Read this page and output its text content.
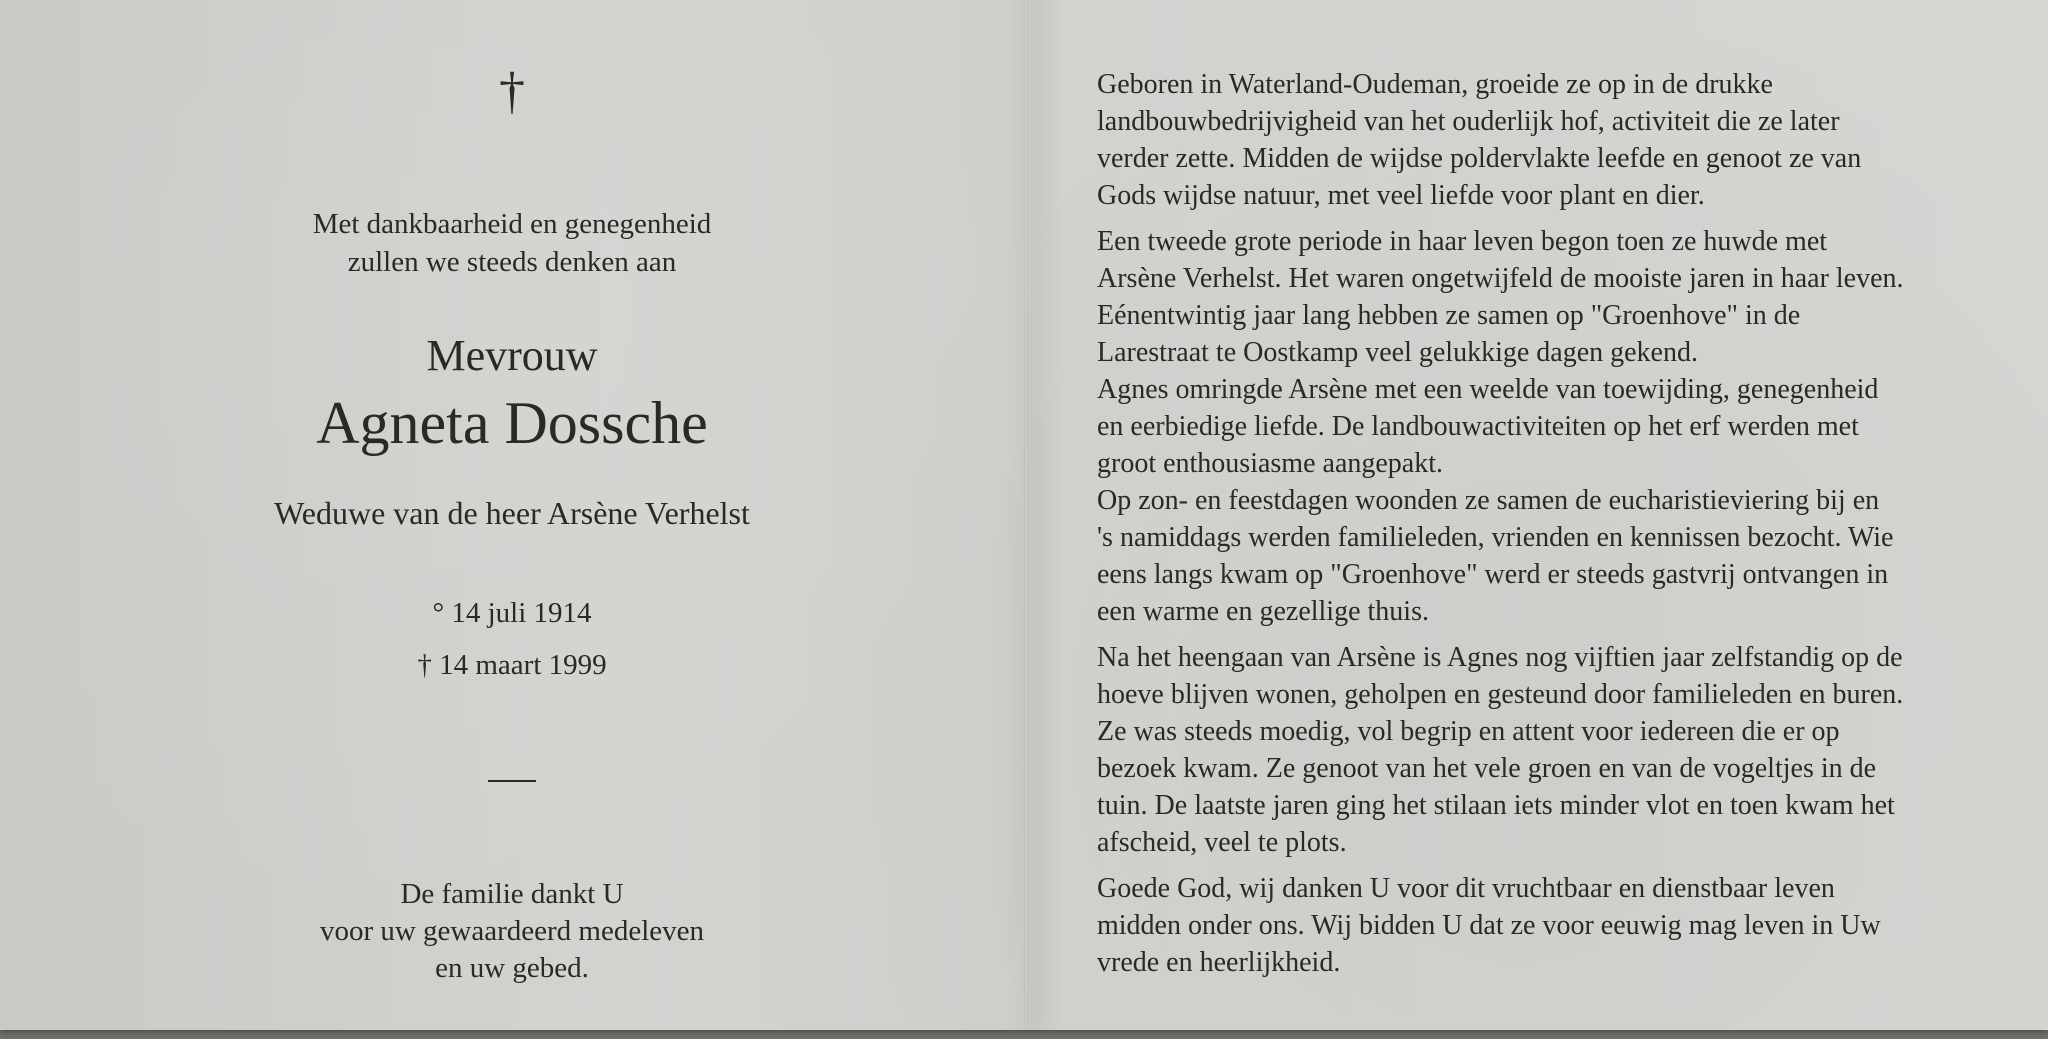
†
Met dankbaarheid en genegenheid
zullen we steeds denken aan
Mevrouw
Agneta Dossche
Weduwe van de heer Arsène Verhelst
° 14 juli 1914
† 14 maart 1999
De familie dankt U
voor uw gewaardeerd medeleven
en uw gebed.
Geboren in Waterland-Oudeman, groeide ze op in de drukke
landbouwbedrijvigheid van het ouderlijk hof, activiteit die ze later
verder zette. Midden de wijdse poldervlakte leefde en genoot ze van
Gods wijdse natuur, met veel liefde voor plant en dier.
Een tweede grote periode in haar leven begon toen ze huwde met
Arsène Verhelst. Het waren ongetwijfeld de mooiste jaren in haar leven.
Eénentwintig jaar lang hebben ze samen op "Groenhove" in de
Larestraat te Oostkamp veel gelukkige dagen gekend.
Agnes omringde Arsène met een weelde van toewijding, genegenheid
en eerbiedige liefde. De landbouwactiviteiten op het erf werden met
groot enthousiasme aangepakt.
Op zon- en feestdagen woonden ze samen de eucharistieviering bij en
's namiddags werden familieleden, vrienden en kennissen bezocht. Wie
eens langs kwam op "Groenhove" werd er steeds gastvrij ontvangen in
een warme en gezellige thuis.
Na het heengaan van Arsène is Agnes nog vijftien jaar zelfstandig op de
hoeve blijven wonen, geholpen en gesteund door familieleden en buren.
Ze was steeds moedig, vol begrip en attent voor iedereen die er op
bezoek kwam. Ze genoot van het vele groen en van de vogeltjes in de
tuin. De laatste jaren ging het stilaan iets minder vlot en toen kwam het
afscheid, veel te plots.
Goede God, wij danken U voor dit vruchtbaar en dienstbaar leven
midden onder ons. Wij bidden U dat ze voor eeuwig mag leven in Uw
vrede en heerlijkheid.
